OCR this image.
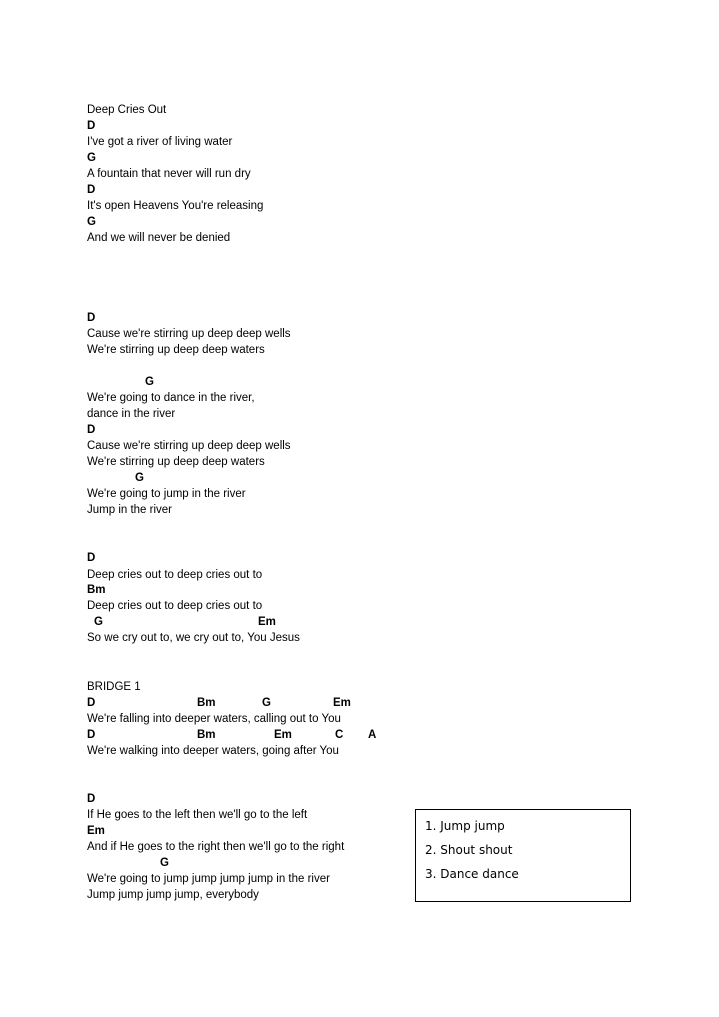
Deep Cries Out

D

I've got a river of living water

G

A fountain that never will run dry

D

It's open Heavens You're releasing

G

And we will never be denied

D

Cause we're stirring up deep deep wells

We're stirring up deep deep waters

G

We're going to dance in the river,

dance in the river

D

Cause we're stirring up deep deep wells

We're stirring up deep deep waters

G

We're going to jump in the river

Jump in the river

D

Deep cries out to deep cries out to

Bm

Deep cries out to deep cries out to

G	Em

So we cry out to, we cry out to, You Jesus

BRIDGE 1

D	Bm	G	Em

We're falling into deeper waters, calling out to You

D	Bm	Em	C A

We're walking into deeper waters, going after You

D

If He goes to the left then we'll go to the left

Em

And if He goes to the right then we'll go to the right

G

We're going to jump jump jump jump in the river

Jump jump jump jump, everybody

1. Jump jump
2. Shout shout
3. Dance dance
